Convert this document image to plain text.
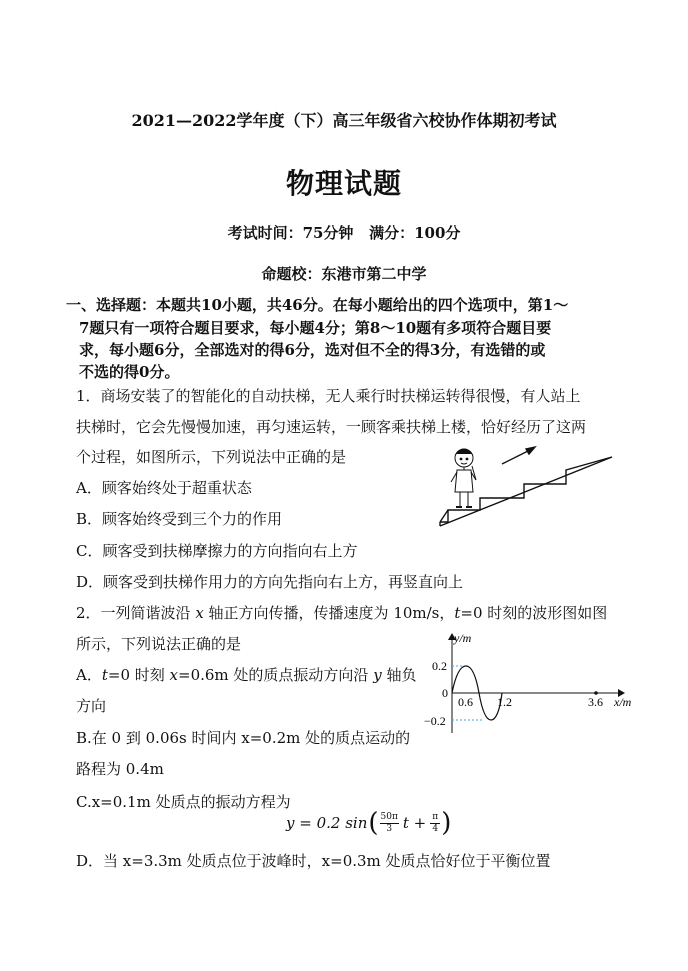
2021—2022学年度（下）高三年级省六校协作体期初考试
物理试题
考试时间：75分钟 满分：100分
命题校：东港市第二中学
一、选择题：本题共10小题，共46分。在每小题给出的四个选项中，第1～
7题只有一项符合题目要求，每小题4分；第8～10题有多项符合题目要
求，每小题6分，全部选对的得6分，选对但不全的得3分，有选错的或
不选的得0分。
1．商场安装了的智能化的自动扶梯，无人乘行时扶梯运转得很慢，有人站上
扶梯时，它会先慢慢加速，再匀速运转，一顾客乘扶梯上楼，恰好经历了这两
个过程，如图所示，下列说法中正确的是
A．顾客始终处于超重状态
B．顾客始终受到三个力的作用
C．顾客受到扶梯摩擦力的方向指向右上方
D．顾客受到扶梯作用力的方向先指向右上方，再竖直向上
2．一列简谐波沿 x 轴正方向传播，传播速度为 10m/s，t=0 时刻的波形图如图
所示，下列说法正确的是
A．t=0 时刻 x=0.6m 处的质点振动方向沿 y 轴负
方向
B.在 0 到 0.06s 时间内 x=0.2m 处的质点运动的
路程为 0.4m
C.x=0.1m 处质点的振动方程为
y = 0.2 sin ( $\frac{50\pi}{3}$ $t + \frac{\pi}{4}$ )
D．当 x=3.3m 处质点位于波峰时，x=0.3m 处质点恰好位于平衡位置
y/m
x/m
0.2
0
−0.2
0.6 1.2	3.6
